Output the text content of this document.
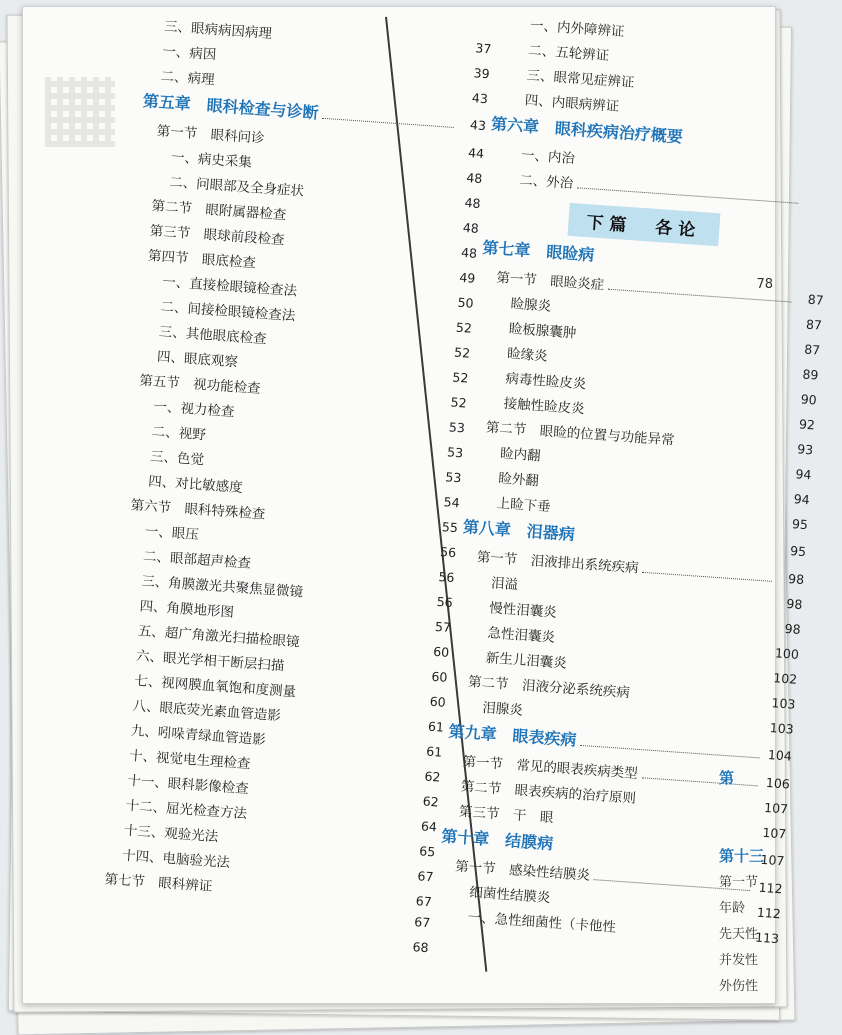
三、眼病病因病理
37
一、病因
39
二、病理
43
第五章　眼科检查与诊断
43
第一节　眼科问诊
44
一、病史采集
48
二、问眼部及全身症状
48
第二节　眼附属器检查
48
第三节　眼球前段检查
48
第四节　眼底检查
49
一、直接检眼镜检查法
50
二、间接检眼镜检查法
52
三、其他眼底检查
52
四、眼底观察
52
第五节　视功能检查
52
一、视力检查
53
二、视野
53
三、色觉
53
四、对比敏感度
54
第六节　眼科特殊检查
55
一、眼压
56
二、眼部超声检查
56
三、角膜激光共聚焦显微镜
56
四、角膜地形图
57
五、超广角激光扫描检眼镜
60
六、眼光学相干断层扫描
60
七、视网膜血氧饱和度测量
60
八、眼底荧光素血管造影
61
九、吲哚青绿血管造影
61
十、视觉电生理检查
62
十一、眼科影像检查
62
十二、屈光检查方法
64
十三、观验光法
65
十四、电脑验光法
67
第七节　眼科辨证
67
67
68
一、内外障辨证
二、五轮辨证
三、眼常见症辨证
四、内眼病辨证
第六章　眼科疾病治疗概要
一、内治
二、外治
下篇　各论
第七章　眼睑病
第一节　眼睑炎症
87
睑腺炎
87
睑板腺囊肿
87
睑缘炎
89
病毒性睑皮炎
90
接触性睑皮炎
92
第二节　眼睑的位置与功能异常
93
睑内翻
94
睑外翻
94
上睑下垂
95
第八章　泪器病
95
第一节　泪液排出系统疾病
98
泪溢
98
慢性泪囊炎
98
急性泪囊炎
100
新生儿泪囊炎
102
第二节　泪液分泌系统疾病
103
泪腺炎
103
第九章　眼表疾病
104
第一节　常见的眼表疾病类型
106
第二节　眼表疾病的治疗原则
107
第三节　干　眼
107
第十章　结膜病
107
第一节　感染性结膜炎
112
细菌性结膜炎
112
一、急性细菌性（卡他性
113
第
第十三
第一节
年龄
先天性
并发性
外伤性
78
